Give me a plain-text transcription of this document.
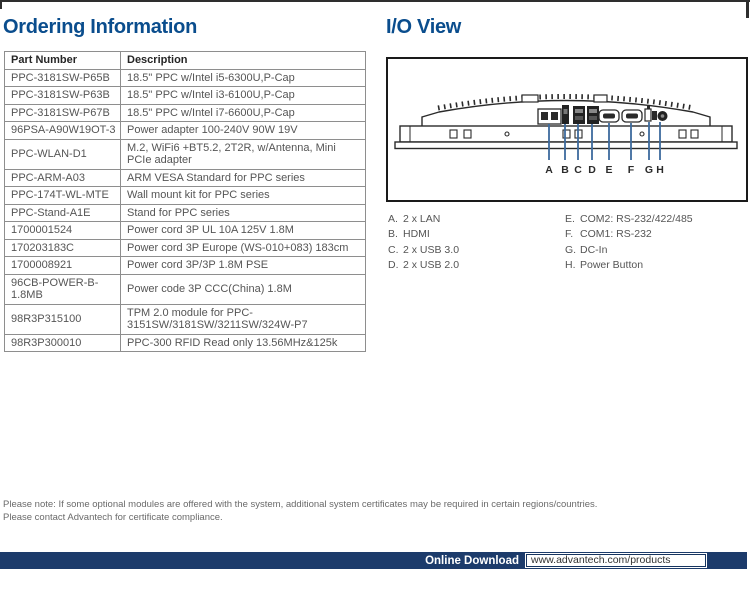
Ordering Information
Part Number	Description
PPC-3181SW-P65B	18.5" PPC w/Intel i5-6300U,P-Cap
PPC-3181SW-P63B	18.5" PPC w/Intel i3-6100U,P-Cap
PPC-3181SW-P67B	18.5" PPC w/Intel i7-6600U,P-Cap
96PSA-A90W19OT-3	Power adapter 100-240V 90W 19V
PPC-WLAN-D1	M.2, WiFi6 +BT5.2, 2T2R, w/Antenna, Mini PCIe adapter
PPC-ARM-A03	ARM VESA Standard for PPC series
PPC-174T-WL-MTE	Wall mount kit for PPC series
PPC-Stand-A1E	Stand for PPC series
1700001524	Power cord 3P UL 10A 125V 1.8M
170203183C	Power cord 3P Europe (WS-010+083) 183cm
1700008921	Power cord 3P/3P 1.8M PSE
96CB-POWER-B-1.8MB	Power code 3P CCC(China) 1.8M
98R3P315100	TPM 2.0 module for PPC-3151SW/3181SW/3211SW/324W-P7
98R3P300010	PPC-300 RFID Read only 13.56MHz&125k
I/O View
A B C D E F G H
A. 2 x LAN
B. HDMI
C. 2 x USB 3.0
D. 2 x USB 2.0
E. COM2: RS-232/422/485
F. COM1: RS-232
G. DC-In
H. Power Button
Please note: If some optional modules are offered with the system, additional system certificates may be required in certain regions/countries.
Please contact Advantech for certificate compliance.
Online Download	www.advantech.com/products
